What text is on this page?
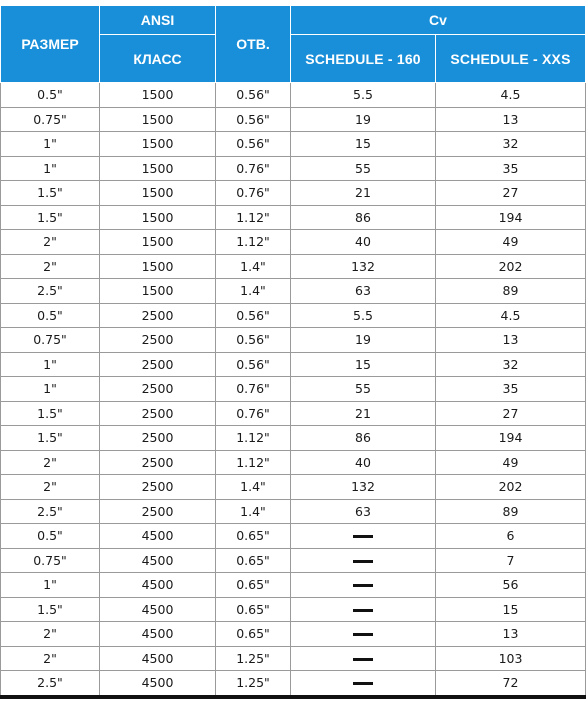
РАЗМЕР	ANSI	ОТВ.	Cv	
	КЛАСС		SCHEDULE - 160	SCHEDULE - XXS
0.5"	1500	0.56"	5.5	4.5
0.75"	1500	0.56"	19	13
1"	1500	0.56"	15	32
1"	1500	0.76"	55	35
1.5"	1500	0.76"	21	27
1.5"	1500	1.12"	86	194
2"	1500	1.12"	40	49
2"	1500	1.4"	132	202
2.5"	1500	1.4"	63	89
0.5"	2500	0.56"	5.5	4.5
0.75"	2500	0.56"	19	13
1"	2500	0.56"	15	32
1"	2500	0.76"	55	35
1.5"	2500	0.76"	21	27
1.5"	2500	1.12"	86	194
2"	2500	1.12"	40	49
2"	2500	1.4"	132	202
2.5"	2500	1.4"	63	89
0.5"	4500	0.65"		6
0.75"	4500	0.65"		7
1"	4500	0.65"		56
1.5"	4500	0.65"		15
2"	4500	0.65"		13
2"	4500	1.25"		103
2.5"	4500	1.25"		72
